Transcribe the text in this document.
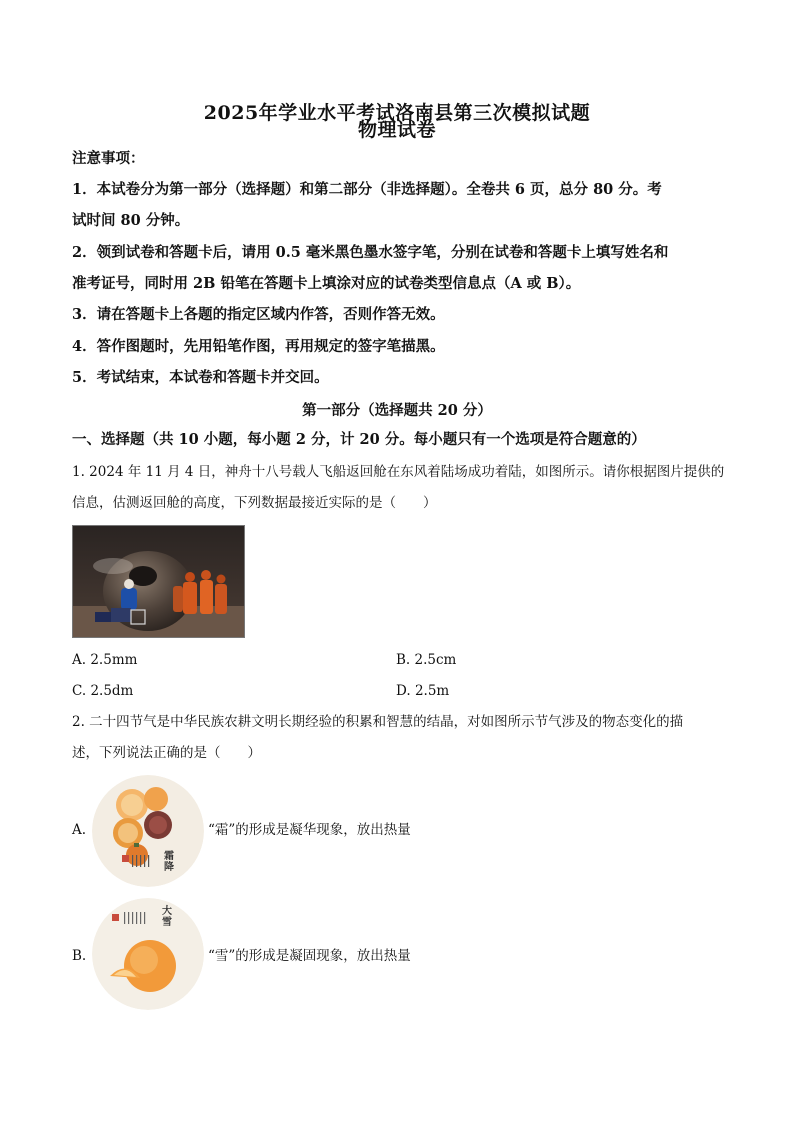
2025年学业水平考试洛南县第三次模拟试题
物理试卷
注意事项：
1．本试卷分为第一部分（选择题）和第二部分（非选择题）。全卷共 6 页，总分 80 分。考
试时间 80 分钟。
2．领到试卷和答题卡后，请用 0.5 毫米黑色墨水签字笔，分别在试卷和答题卡上填写姓名和
准考证号，同时用 2B 铅笔在答题卡上填涂对应的试卷类型信息点（A 或 B）。
3．请在答题卡上各题的指定区域内作答，否则作答无效。
4．答作图题时，先用铅笔作图，再用规定的签字笔描黑。
5．考试结束，本试卷和答题卡并交回。
第一部分（选择题共 20 分）
一、选择题（共 10 小题，每小题 2 分，计 20 分。每小题只有一个选项是符合题意的）
1. 2024 年 11 月 4 日，神舟十八号载人飞船返回舱在东风着陆场成功着陆，如图所示。请你根据图片提供的
信息，估测返回舱的高度，下列数据最接近实际的是（　　）
A. 2.5mm	B. 2.5cm
C. 2.5dm	D. 2.5m
2. 二十四节气是中华民族农耕文明长期经验的积累和智慧的结晶，对如图所示节气涉及的物态变化的描
述，下列说法正确的是（　　）
A.
霜降
“霜”的形成是凝华现象，放出热量
B.
大雪
“雪”的形成是凝固现象，放出热量
